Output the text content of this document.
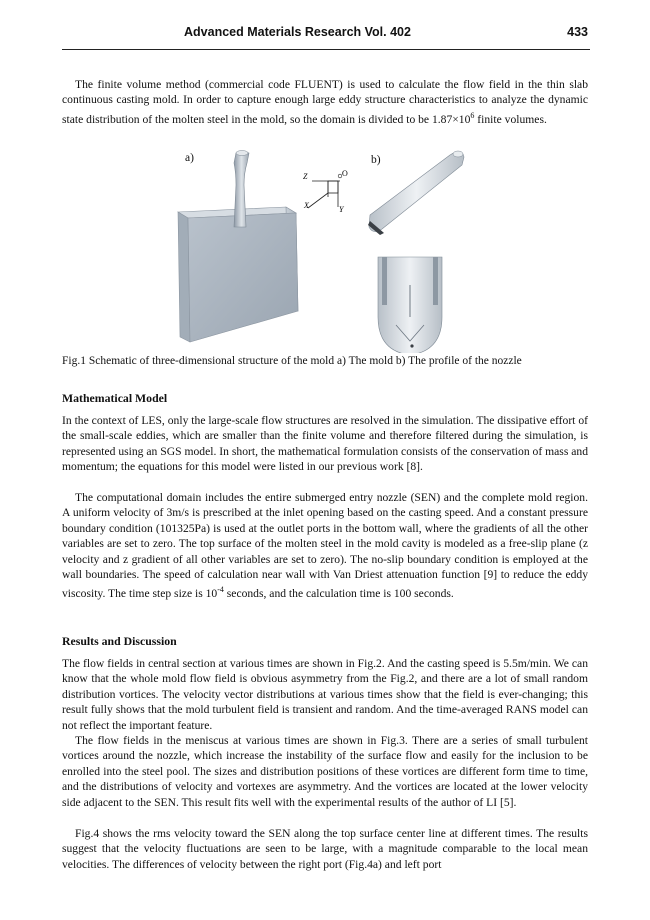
Advanced Materials Research Vol. 402	433

The finite volume method (commercial code FLUENT) is used to calculate the flow field in the thin slab continuous casting mold. In order to capture enough large eddy structure characteristics to analyze the dynamic state distribution of the molten steel in the mold, so the domain is divided to be $1.87\times 10^6$ finite volumes.

a)	b)
Z	O
X	Y
Fig.1 Schematic of three-dimensional structure of the mold a) The mold b) The profile of the nozzle
Mathematical Model

In the context of LES, only the large-scale flow structures are resolved in the simulation. The dissipative effort of the small-scale eddies, which are smaller than the finite volume and therefore filtered during the simulation, is represented using an SGS model. In short, the mathematical formulation consists of the conservation of mass and momentum; the equations for this model were listed in our previous work [8].

The computational domain includes the entire submerged entry nozzle (SEN) and the complete mold region. A uniform velocity of 3m/s is prescribed at the inlet opening based on the casting speed. And a constant pressure boundary condition (101325Pa) is used at the outlet ports in the bottom wall, where the gradients of all the other variables are set to zero. The top surface of the molten steel in the mold cavity is modeled as a free-slip plane (z velocity and z gradient of all other variables are set to zero). The no-slip boundary condition is employed at the wall boundaries. The speed of calculation near wall with Van Driest attenuation function [9] to reduce the eddy viscosity. The time step size is $10^{-4}$ seconds, and the calculation time is 100 seconds.

Results and Discussion

The flow fields in central section at various times are shown in Fig.2. And the casting speed is 5.5m/min. We can know that the whole mold flow field is obvious asymmetry from the Fig.2, and there are a lot of small random distribution vortices. The velocity vector distributions at various times show that the field is ever-changing; this result fully shows that the mold turbulent field is transient and random. And the time-averaged RANS model can not reflect the important feature.

The flow fields in the meniscus at various times are shown in Fig.3. There are a series of small turbulent vortices around the nozzle, which increase the instability of the surface flow and easily for the inclusion to be enrolled into the steel pool. The sizes and distribution positions of these vortices are different form time to time, and the distributions of velocity and vortexes are asymmetry. And the vortices are located at the lower velocity side adjacent to the SEN. This result fits well with the experimental results of the author of LI [5].

Fig.4 shows the rms velocity toward the SEN along the top surface center line at different times. The results suggest that the velocity fluctuations are seen to be large, with a magnitude comparable to the local mean velocities. The differences of velocity between the right port (Fig.4a) and left port
